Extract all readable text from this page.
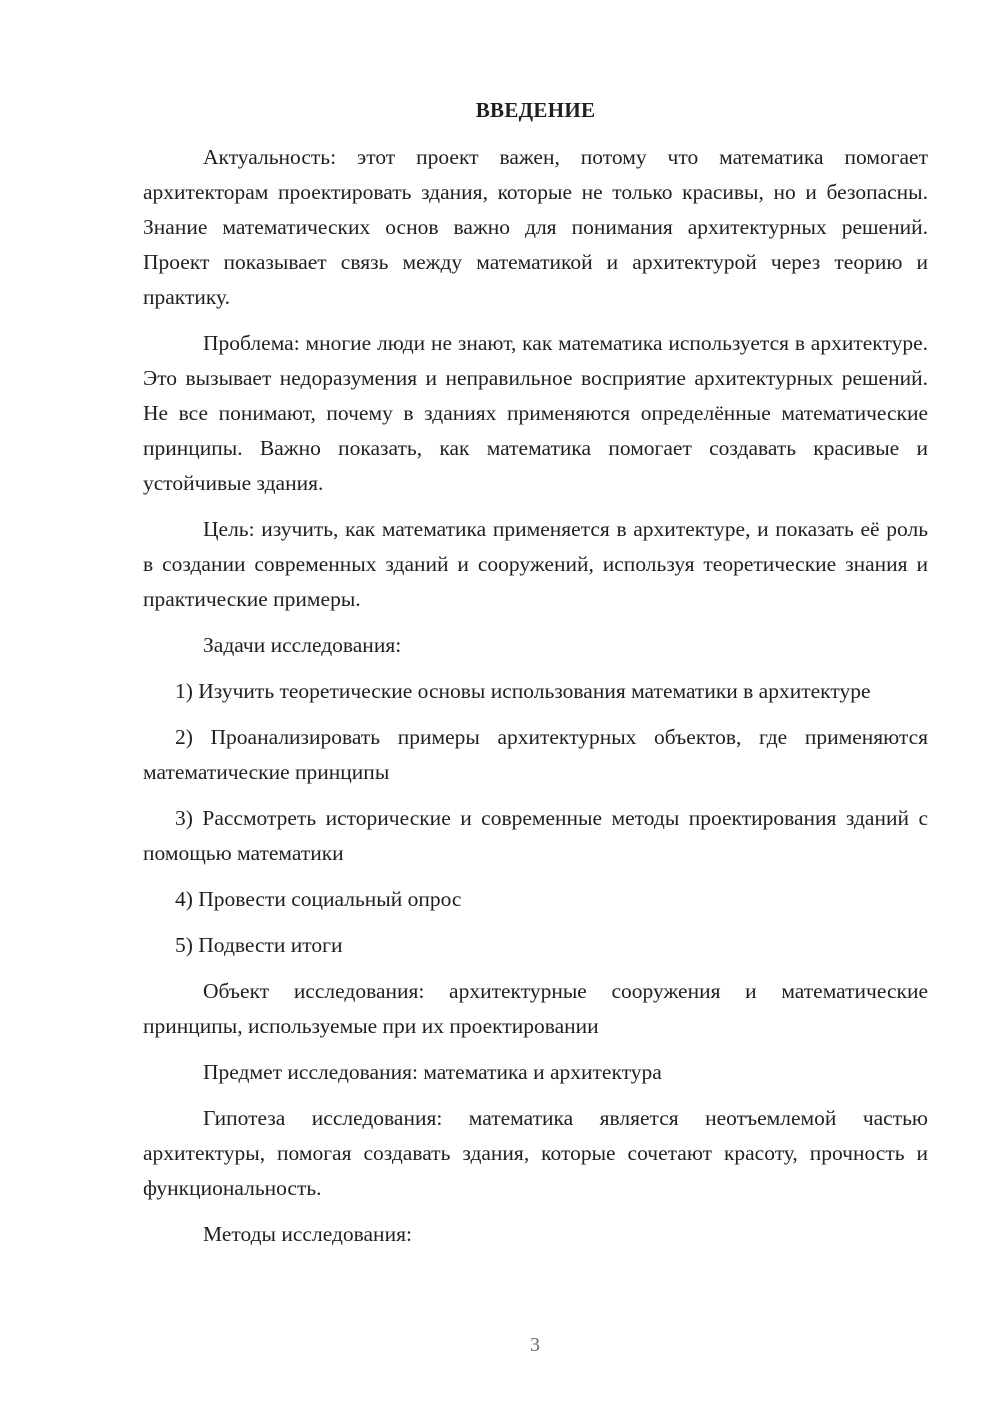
ВВЕДЕНИЕ

Актуальность: этот проект важен, потому что математика помогает архитекторам проектировать здания, которые не только красивы, но и безопасны. Знание математических основ важно для понимания архитектурных решений. Проект показывает связь между математикой и архитектурой через теорию и практику.

Проблема: многие люди не знают, как математика используется в архитектуре. Это вызывает недоразумения и неправильное восприятие архитектурных решений. Не все понимают, почему в зданиях применяются определённые математические принципы. Важно показать, как математика помогает создавать красивые и устойчивые здания.

Цель: изучить, как математика применяется в архитектуре, и показать её роль в создании современных зданий и сооружений, используя теоретические знания и практические примеры.

Задачи исследования:

1) Изучить теоретические основы использования математики в архитектуре

2) Проанализировать примеры архитектурных объектов, где применяются математические принципы

3) Рассмотреть исторические и современные методы проектирования зданий с помощью математики

4) Провести социальный опрос

5) Подвести итоги

Объект исследования: архитектурные сооружения и математические принципы, используемые при их проектировании

Предмет исследования: математика и архитектура

Гипотеза исследования: математика является неотъемлемой частью архитектуры, помогая создавать здания, которые сочетают красоту, прочность и функциональность.

Методы исследования:

3
